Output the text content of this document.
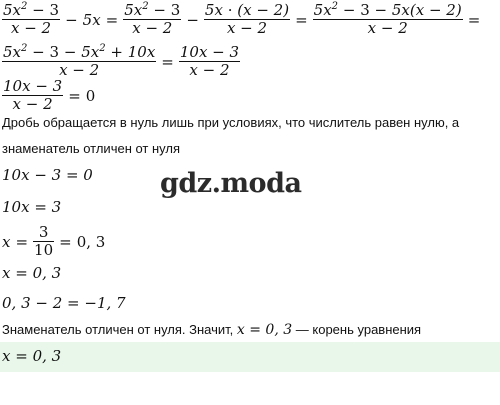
$\frac{5x^2 - 3}{x - 2} - 5x = \frac{5x^2 - 3}{x - 2} - \frac{5x \cdot (x - 2)}{x - 2} = \frac{5x^2 - 3 - 5x(x - 2)}{x - 2}$ =
$\frac{5x^2 - 3 - 5x^2 + 10x}{x - 2} = \frac{10x - 3}{x - 2}$
$\frac{10x - 3}{x - 2} = 0$
Дробь обращается в нуль лишь при условиях, что числитель равен нулю, а
знаменатель отличен от нуля
gdz.moda
10x − 3 = 0
10x = 3
$x = \frac{3}{10} = 0$, 3
x = 0, 3
0, 3 − 2 = −1, 7
Знаменатель отличен от нуля. Значит, x = 0, 3 — корень уравнения
x = 0, 3
